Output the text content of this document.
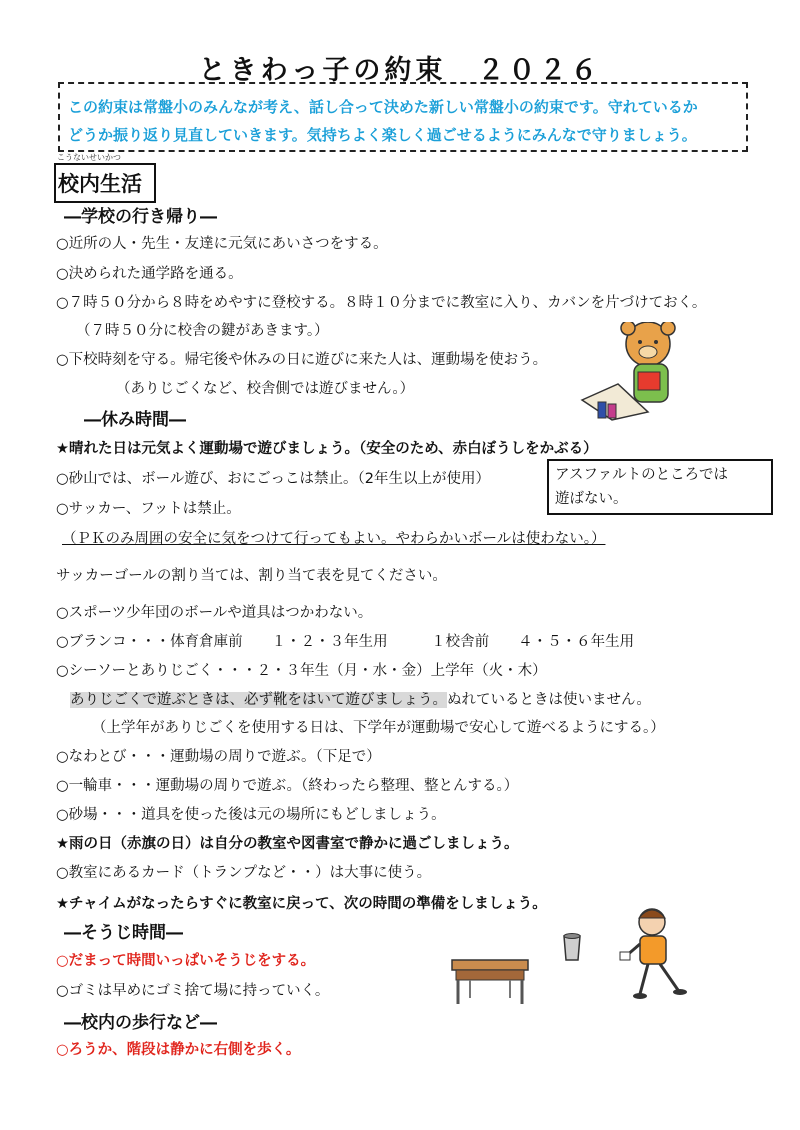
ときわっ子の約束　２０２６
この約束は常盤小のみんなが考え、話し合って決めた新しい常盤小の約束です。守れているか
どうか振り返り見直していきます。気持ちよく楽しく過ごせるようにみんなで守りましょう。
こうないせいかつ
校内生活
―学校の行き帰り―
○近所の人・先生・友達に元気にあいさつをする。
○決められた通学路を通る。
○７時５０分から８時をめやすに登校する。８時１０分までに教室に入り、カバンを片づけておく。
（７時５０分に校舎の鍵があきます。）
○下校時刻を守る。帰宅後や休みの日に遊びに来た人は、運動場を使おう。
（ありじごくなど、校舎側では遊びません。）
―休み時間―
★晴れた日は元気よく運動場で遊びましょう。（安全のため、赤白ぼうしをかぶる）
○砂山では、ボール遊び、おにごっこは禁止。（2年生以上が使用）	アスファルトのところでは
遊ばない。
○サッカー、フットは禁止。
（ＰＫのみ周囲の安全に気をつけて行ってもよい。やわらかいボールは使わない。）
サッカーゴールの割り当ては、割り当て表を見てください。
○スポーツ少年団のボールや道具はつかわない。
○ブランコ・・・体育倉庫前　　１・２・３年生用　　　１校舎前　　４・５・６年生用
○シーソーとありじごく・・・２・３年生（月・水・金）上学年（火・木）
ありじごくで遊ぶときは、必ず靴をはいて遊びましょう。ぬれているときは使いません。
（上学年がありじごくを使用する日は、下学年が運動場で安心して遊べるようにする。）
○なわとび・・・運動場の周りで遊ぶ。（下足で）
○一輪車・・・運動場の周りで遊ぶ。（終わったら整理、整とんする。）
○砂場・・・道具を使った後は元の場所にもどしましょう。
★雨の日（赤旗の日）は自分の教室や図書室で静かに過ごしましょう。
○教室にあるカード（トランプなど・・）は大事に使う。
★チャイムがなったらすぐに教室に戻って、次の時間の準備をしましょう。
―そうじ時間―
○だまって時間いっぱいそうじをする。
○ゴミは早めにゴミ捨て場に持っていく。
―校内の歩行など―
○ろうか、階段は静かに右側を歩く。
